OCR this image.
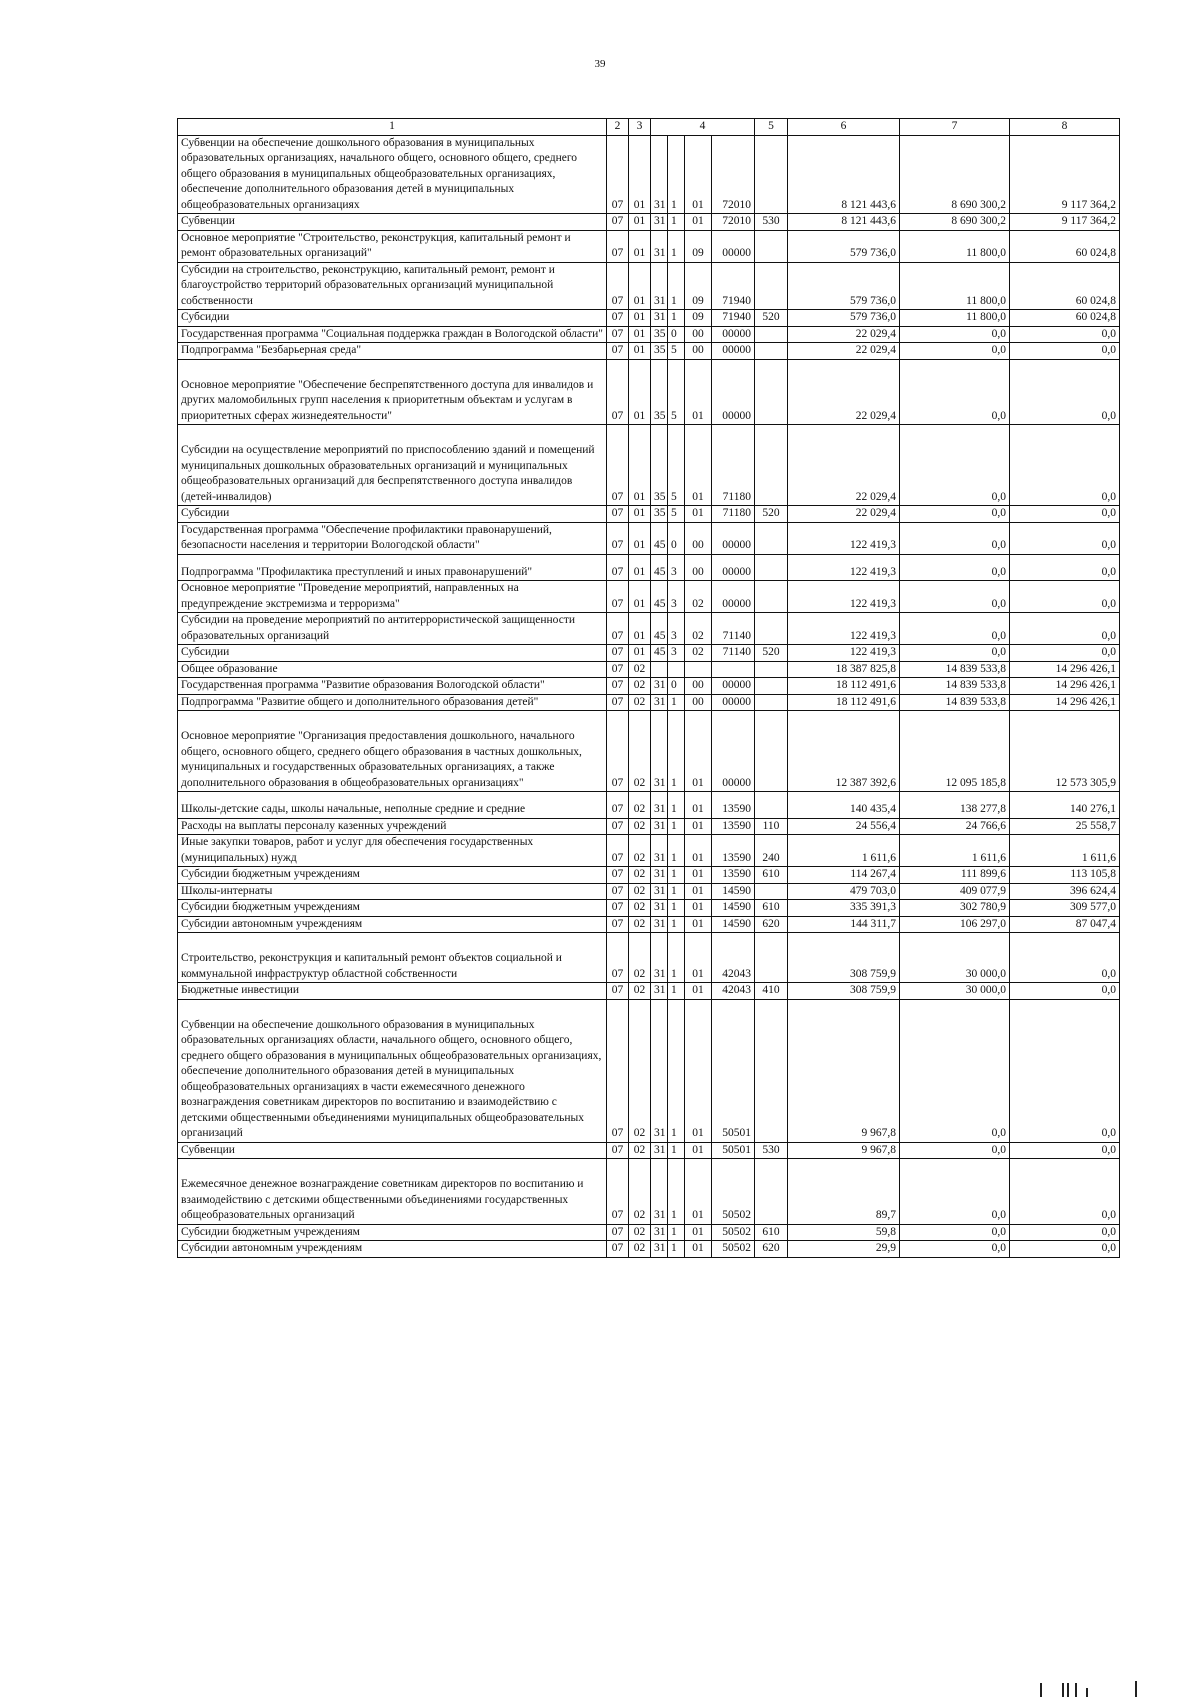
39
1	2	3	4				5	6	7	8
Субвенции на обеспечение дошкольного образования в муниципальных образовательных организациях, начального общего, основного общего, среднего общего образования в муниципальных общеобразовательных организациях, обеспечение дополнительного образования детей в муниципальных общеобразовательных организациях	07	01	31	1	01	72010		8 121 443,6	8 690 300,2	9 117 364,2
Субвенции	07	01	31	1	01	72010	530	8 121 443,6	8 690 300,2	9 117 364,2
Основное мероприятие "Строительство, реконструкция, капитальный ремонт и ремонт образовательных организаций"	07	01	31	1	09	00000		579 736,0	11 800,0	60 024,8
Субсидии на строительство, реконструкцию, капитальный ремонт, ремонт и благоустройство территорий образовательных организаций муниципальной собственности	07	01	31	1	09	71940		579 736,0	11 800,0	60 024,8
Субсидии	07	01	31	1	09	71940	520	579 736,0	11 800,0	60 024,8
Государственная программа "Социальная поддержка граждан в Вологодской области"	07	01	35	0	00	00000		22 029,4	0,0	0,0
Подпрограмма "Безбарьерная среда"	07	01	35	5	00	00000		22 029,4	0,0	0,0
Основное мероприятие "Обеспечение беспрепятственного доступа для инвалидов и других маломобильных групп населения к приоритетным объектам и услугам в приоритетных сферах жизнедеятельности"	07	01	35	5	01	00000		22 029,4	0,0	0,0
Субсидии на осуществление мероприятий по приспособлению зданий и помещений муниципальных дошкольных образовательных организаций и муниципальных общеобразовательных организаций для беспрепятственного доступа инвалидов (детей-инвалидов)	07	01	35	5	01	71180		22 029,4	0,0	0,0
Субсидии	07	01	35	5	01	71180	520	22 029,4	0,0	0,0
Государственная программа "Обеспечение профилактики правонарушений, безопасности населения и территории Вологодской области"	07	01	45	0	00	00000		122 419,3	0,0	0,0
Подпрограмма "Профилактика преступлений и иных правонарушений"	07	01	45	3	00	00000		122 419,3	0,0	0,0
Основное мероприятие "Проведение мероприятий, направленных на предупреждение экстремизма и терроризма"	07	01	45	3	02	00000		122 419,3	0,0	0,0
Субсидии на проведение мероприятий по антитеррористической защищенности образовательных организаций	07	01	45	3	02	71140		122 419,3	0,0	0,0
Субсидии	07	01	45	3	02	71140	520	122 419,3	0,0	0,0
Общее образование	07	02						18 387 825,8	14 839 533,8	14 296 426,1
Государственная программа "Развитие образования Вологодской области"	07	02	31	0	00	00000		18 112 491,6	14 839 533,8	14 296 426,1
Подпрограмма "Развитие общего и дополнительного образования детей"	07	02	31	1	00	00000		18 112 491,6	14 839 533,8	14 296 426,1
Основное мероприятие "Организация предоставления дошкольного, начального общего, основного общего, среднего общего образования в частных дошкольных, муниципальных и государственных образовательных организациях, а также дополнительного образования в общеобразовательных организациях"	07	02	31	1	01	00000		12 387 392,6	12 095 185,8	12 573 305,9
Школы-детские сады, школы начальные, неполные средние и средние	07	02	31	1	01	13590		140 435,4	138 277,8	140 276,1
Расходы на выплаты персоналу казенных учреждений	07	02	31	1	01	13590	110	24 556,4	24 766,6	25 558,7
Иные закупки товаров, работ и услуг для обеспечения государственных (муниципальных) нужд	07	02	31	1	01	13590	240	1 611,6	1 611,6	1 611,6
Субсидии бюджетным учреждениям	07	02	31	1	01	13590	610	114 267,4	111 899,6	113 105,8
Школы-интернаты	07	02	31	1	01	14590		479 703,0	409 077,9	396 624,4
Субсидии бюджетным учреждениям	07	02	31	1	01	14590	610	335 391,3	302 780,9	309 577,0
Субсидии автономным учреждениям	07	02	31	1	01	14590	620	144 311,7	106 297,0	87 047,4
Строительство, реконструкция и капитальный ремонт объектов социальной и коммунальной инфраструктур областной собственности	07	02	31	1	01	42043		308 759,9	30 000,0	0,0
Бюджетные инвестиции	07	02	31	1	01	42043	410	308 759,9	30 000,0	0,0
Субвенции на обеспечение дошкольного образования в муниципальных образовательных организациях области, начального общего, основного общего, среднего общего образования в муниципальных общеобразовательных организациях, обеспечение дополнительного образования детей в муниципальных общеобразовательных организациях в части ежемесячного денежного вознаграждения советникам директоров по воспитанию и взаимодействию с детскими общественными объединениями муниципальных общеобразовательных организаций	07	02	31	1	01	50501		9 967,8	0,0	0,0
Субвенции	07	02	31	1	01	50501	530	9 967,8	0,0	0,0
Ежемесячное денежное вознаграждение советникам директоров по воспитанию и взаимодействию с детскими общественными объединениями государственных общеобразовательных организаций	07	02	31	1	01	50502		89,7	0,0	0,0
Субсидии бюджетным учреждениям	07	02	31	1	01	50502	610	59,8	0,0	0,0
Субсидии автономным учреждениям	07	02	31	1	01	50502	620	29,9	0,0	0,0
